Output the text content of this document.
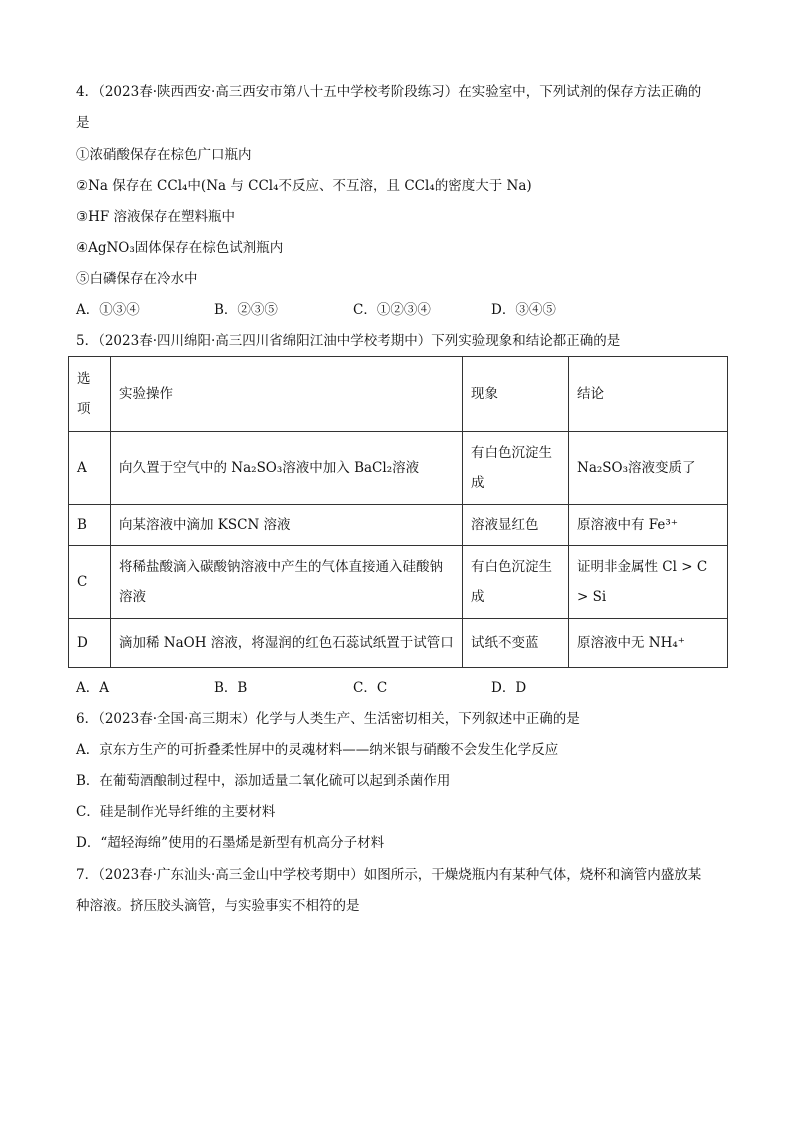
4．（2023春·陕西西安·高三西安市第八十五中学校考阶段练习）在实验室中，下列试剂的保存方法正确的
是
①浓硝酸保存在棕色广口瓶内
②Na 保存在 CCl₄中(Na 与 CCl₄不反应、不互溶，且 CCl₄的密度大于 Na)
③HF 溶液保存在塑料瓶中
④AgNO₃固体保存在棕色试剂瓶内
⑤白磷保存在冷水中
A．①③④	B．②③⑤	C．①②③④	D．③④⑤
5．（2023春·四川绵阳·高三四川省绵阳江油中学校考期中）下列实验现象和结论都正确的是
选项	实验操作	现象	结论
A	向久置于空气中的 Na₂SO₃溶液中加入 BaCl₂溶液	有白色沉淀生成	Na₂SO₃溶液变质了
B	向某溶液中滴加 KSCN 溶液	溶液显红色	原溶液中有 Fe³⁺
C	将稀盐酸滴入碳酸钠溶液中产生的气体直接通入硅酸钠溶液	有白色沉淀生成	证明非金属性 Cl > C > Si
D	滴加稀 NaOH 溶液，将湿润的红色石蕊试纸置于试管口	试纸不变蓝	原溶液中无 NH₄⁺
A．A	B．B	C．C	D．D
6．（2023春·全国·高三期末）化学与人类生产、生活密切相关，下列叙述中正确的是
A．京东方生产的可折叠柔性屏中的灵魂材料——纳米银与硝酸不会发生化学反应
B．在葡萄酒酿制过程中，添加适量二氧化硫可以起到杀菌作用
C．硅是制作光导纤维的主要材料
D．“超轻海绵”使用的石墨烯是新型有机高分子材料
7．（2023春·广东汕头·高三金山中学校考期中）如图所示，干燥烧瓶内有某种气体，烧杯和滴管内盛放某
种溶液。挤压胶头滴管，与实验事实不相符的是
